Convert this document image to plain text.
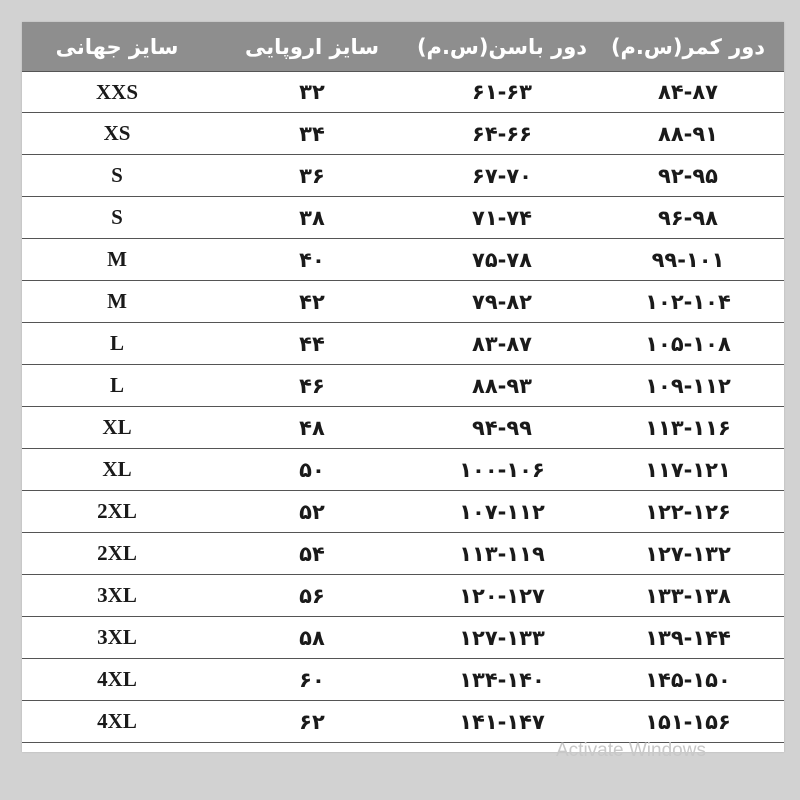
سایز جهانی	سایز اروپایی	دور باسن(س.م)	دور کمر(س.م)
XXS	۳۲	۶۱-۶۳	۸۴-۸۷
XS	۳۴	۶۴-۶۶	۸۸-۹۱
S	۳۶	۶۷-۷۰	۹۲-۹۵
S	۳۸	۷۱-۷۴	۹۶-۹۸
M	۴۰	۷۵-۷۸	۹۹-۱۰۱
M	۴۲	۷۹-۸۲	۱۰۲-۱۰۴
L	۴۴	۸۳-۸۷	۱۰۵-۱۰۸
L	۴۶	۸۸-۹۳	۱۰۹-۱۱۲
XL	۴۸	۹۴-۹۹	۱۱۳-۱۱۶
XL	۵۰	۱۰۰-۱۰۶	۱۱۷-۱۲۱
2XL	۵۲	۱۰۷-۱۱۲	۱۲۲-۱۲۶
2XL	۵۴	۱۱۳-۱۱۹	۱۲۷-۱۳۲
3XL	۵۶	۱۲۰-۱۲۷	۱۳۳-۱۳۸
3XL	۵۸	۱۲۷-۱۳۳	۱۳۹-۱۴۴
4XL	۶۰	۱۳۴-۱۴۰	۱۴۵-۱۵۰
4XL	۶۲	۱۴۱-۱۴۷	۱۵۱-۱۵۶
Activate Windows
